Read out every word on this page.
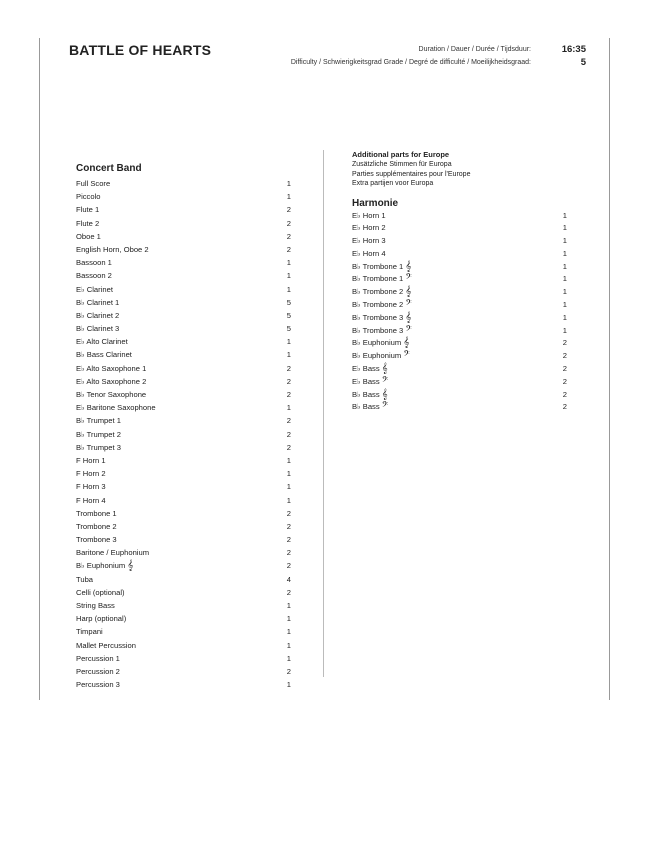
BATTLE OF HEARTS	Duration / Dauer / Durée / Tijdsduur:	16:35
Difficulty / Schwierigkeitsgrad Grade / Degré de difficulté / Moeilijkheidsgraad:	5
Concert Band
Full Score	1
Piccolo	1
Flute 1	2
Flute 2	2
Oboe 1	2
English Horn, Oboe 2	2
Bassoon 1	1
Bassoon 2	1
E♭ Clarinet	1
B♭ Clarinet 1	5
B♭ Clarinet 2	5
B♭ Clarinet 3	5
E♭ Alto Clarinet	1
B♭ Bass Clarinet	1
E♭ Alto Saxophone 1	2
E♭ Alto Saxophone 2	2
B♭ Tenor Saxophone	2
E♭ Baritone Saxophone	1
B♭ Trumpet 1	2
B♭ Trumpet 2	2
B♭ Trumpet 3	2
F Horn 1	1
F Horn 2	1
F Horn 3	1
F Horn 4	1
Trombone 1	2
Trombone 2	2
Trombone 3	2
Baritone / Euphonium	2
B♭ Euphonium 𝄞	2
Tuba	4
Celli (optional)	2
String Bass	1
Harp (optional)	1
Timpani	1
Mallet Percussion	1
Percussion 1	1
Percussion 2	2
Percussion 3	1
Additional parts for Europe
Zusätzliche Stimmen für Europa
Parties supplémentaires pour l'Europe
Extra partijen voor Europa
Harmonie
E♭ Horn 1	1
E♭ Horn 2	1
E♭ Horn 3	1
E♭ Horn 4	1
B♭ Trombone 1 𝄞	1
B♭ Trombone 1 𝄢	1
B♭ Trombone 2 𝄞	1
B♭ Trombone 2 𝄢	1
B♭ Trombone 3 𝄞	1
B♭ Trombone 3 𝄢	1
B♭ Euphonium 𝄞	2
B♭ Euphonium 𝄢	2
E♭ Bass 𝄞	2
E♭ Bass 𝄢	2
B♭ Bass 𝄞	2
B♭ Bass 𝄢	2
